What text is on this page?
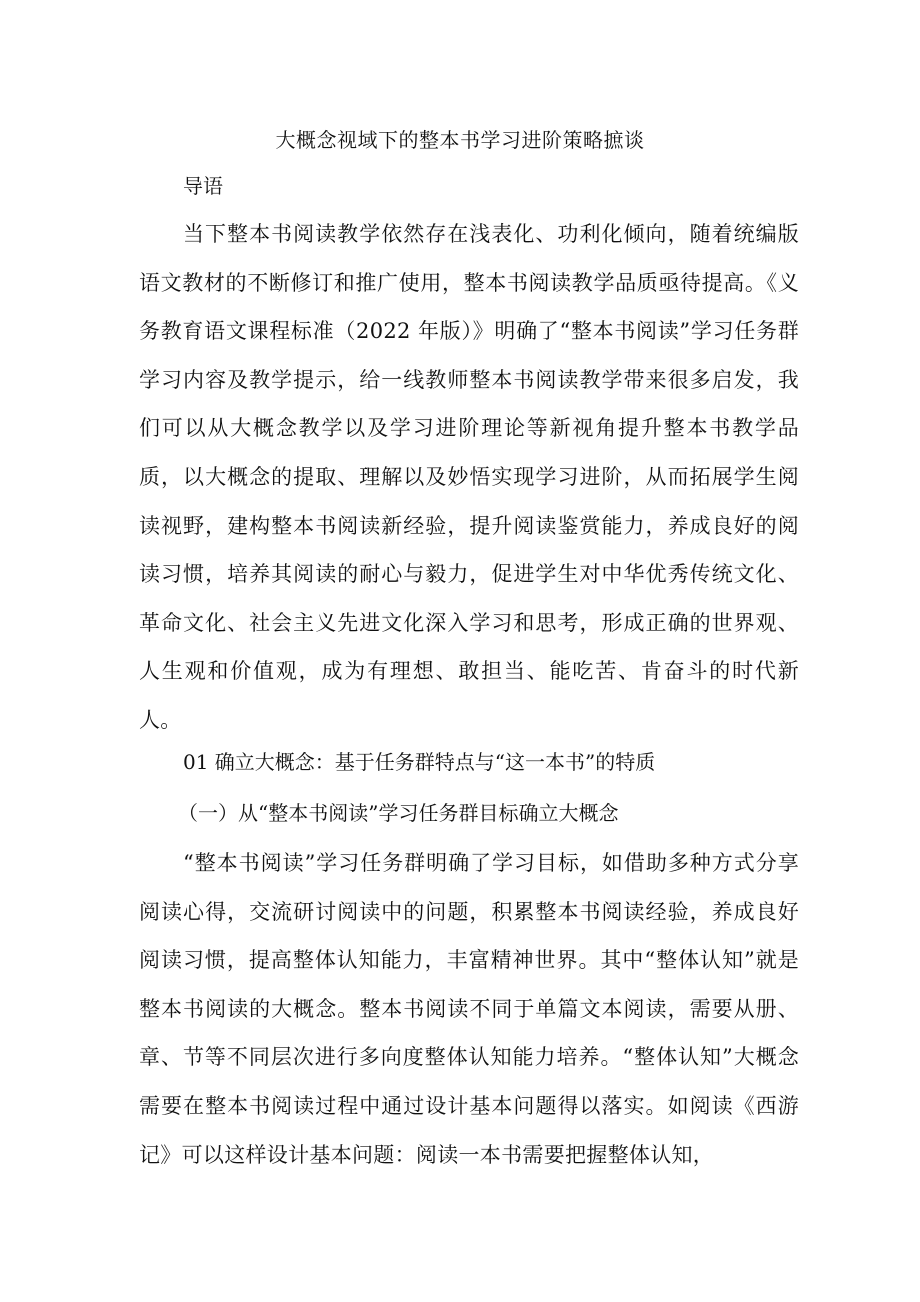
大概念视域下的整本书学习进阶策略摭谈
导语

当下整本书阅读教学依然存在浅表化、功利化倾向，随着统编版语文教材的不断修订和推广使用，整本书阅读教学品质亟待提高。《义务教育语文课程标准（2022 年版）》明确了“整本书阅读”学习任务群学习内容及教学提示，给一线教师整本书阅读教学带来很多启发，我们可以从大概念教学以及学习进阶理论等新视角提升整本书教学品质，以大概念的提取、理解以及妙悟实现学习进阶，从而拓展学生阅读视野，建构整本书阅读新经验，提升阅读鉴赏能力，养成良好的阅读习惯，培养其阅读的耐心与毅力，促进学生对中华优秀传统文化、革命文化、社会主义先进文化深入学习和思考，形成正确的世界观、人生观和价值观，成为有理想、敢担当、能吃苦、肯奋斗的时代新人。

01 确立大概念：基于任务群特点与“这一本书”的特质
（一）从“整本书阅读”学习任务群目标确立大概念

“整本书阅读”学习任务群明确了学习目标，如借助多种方式分享阅读心得，交流研讨阅读中的问题，积累整本书阅读经验，养成良好阅读习惯，提高整体认知能力，丰富精神世界。其中“整体认知”就是整本书阅读的大概念。整本书阅读不同于单篇文本阅读，需要从册、章、节等不同层次进行多向度整体认知能力培养。“整体认知”大概念需要在整本书阅读过程中通过设计基本问题得以落实。如阅读《西游记》可以这样设计基本问题：阅读一本书需要把握整体认知，
